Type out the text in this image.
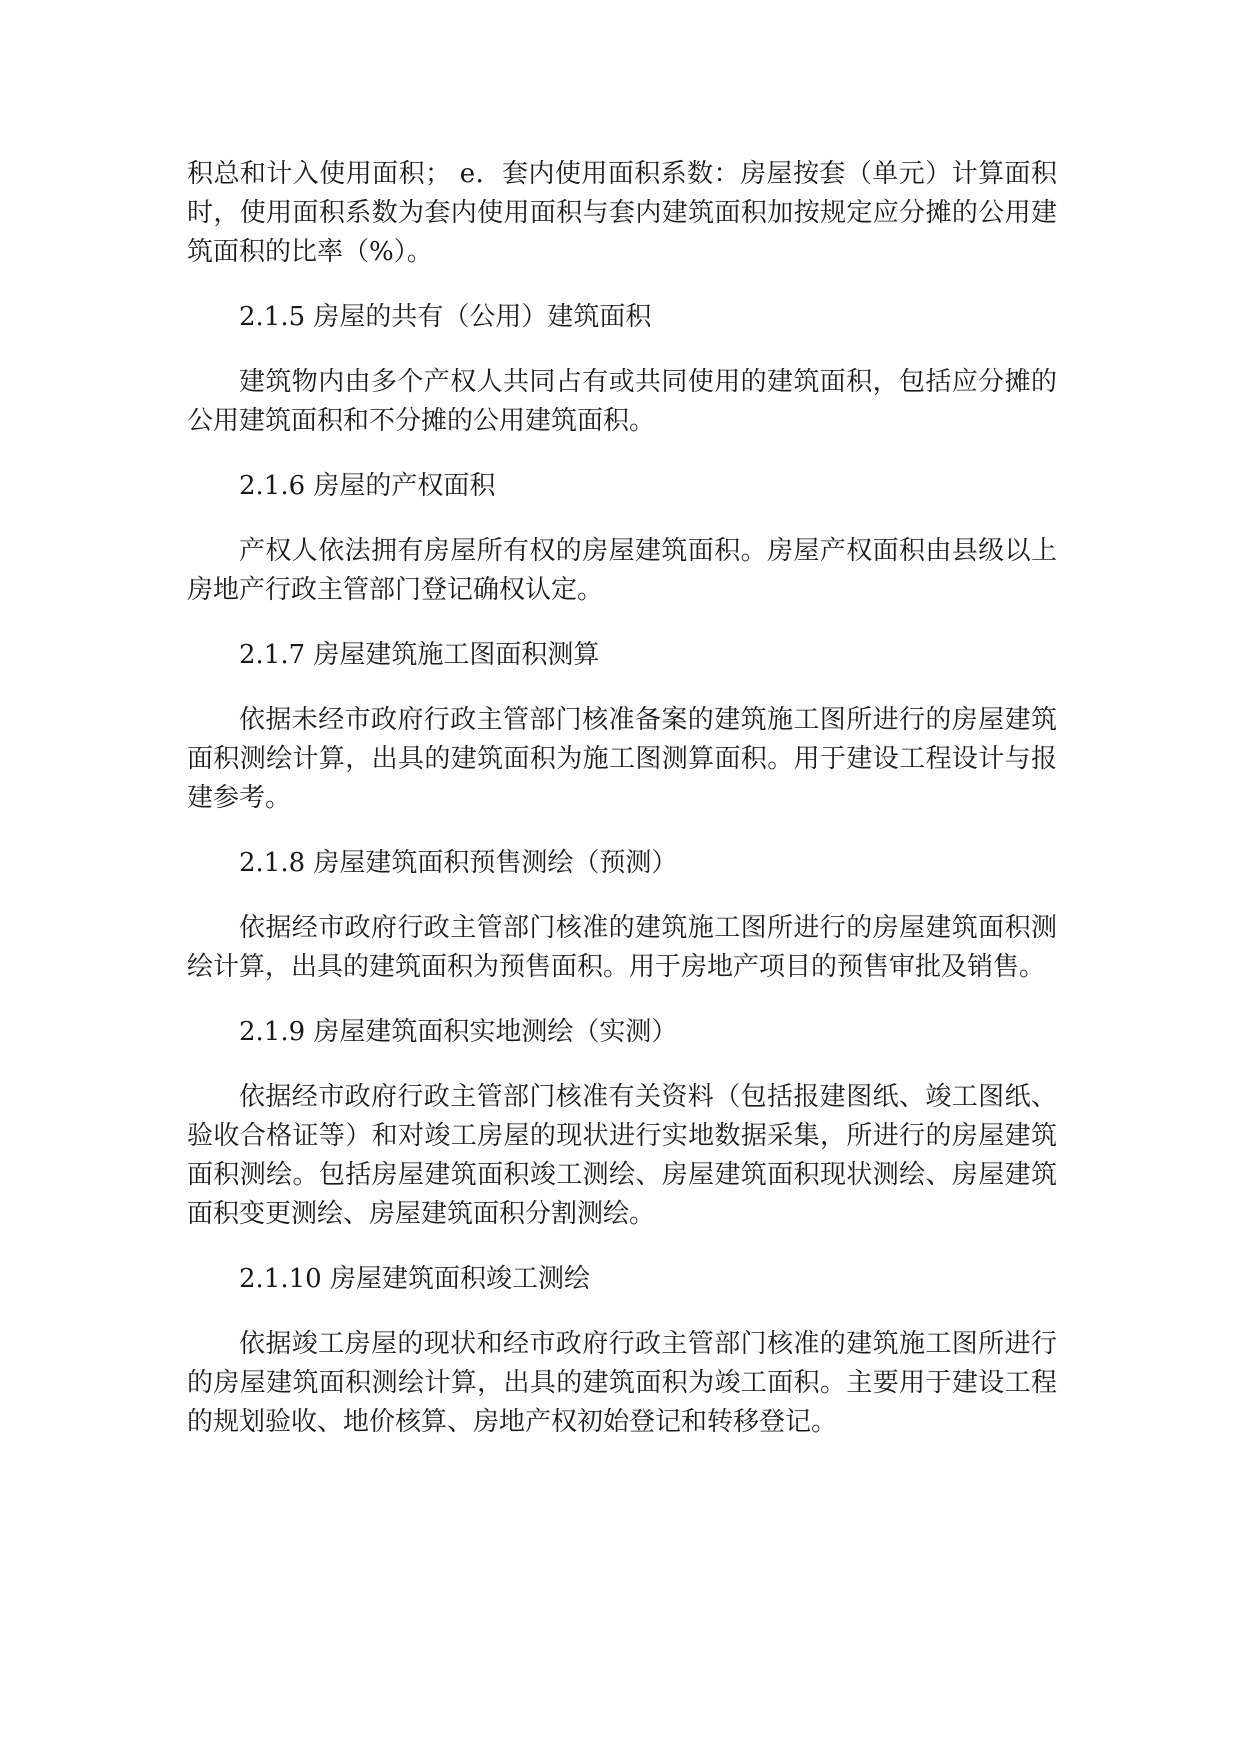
积总和计入使用面积； e．套内使用面积系数：房屋按套（单元）计算面积时，使用面积系数为套内使用面积与套内建筑面积加按规定应分摊的公用建筑面积的比率（%）。

2.1.5 房屋的共有（公用）建筑面积

建筑物内由多个产权人共同占有或共同使用的建筑面积，包括应分摊的公用建筑面积和不分摊的公用建筑面积。

2.1.6 房屋的产权面积

产权人依法拥有房屋所有权的房屋建筑面积。房屋产权面积由县级以上房地产行政主管部门登记确权认定。

2.1.7 房屋建筑施工图面积测算

依据未经市政府行政主管部门核准备案的建筑施工图所进行的房屋建筑面积测绘计算，出具的建筑面积为施工图测算面积。用于建设工程设计与报建参考。

2.1.8 房屋建筑面积预售测绘（预测）

依据经市政府行政主管部门核准的建筑施工图所进行的房屋建筑面积测绘计算，出具的建筑面积为预售面积。用于房地产项目的预售审批及销售。

2.1.9 房屋建筑面积实地测绘（实测）

依据经市政府行政主管部门核准有关资料（包括报建图纸、竣工图纸、验收合格证等）和对竣工房屋的现状进行实地数据采集，所进行的房屋建筑面积测绘。包括房屋建筑面积竣工测绘、房屋建筑面积现状测绘、房屋建筑面积变更测绘、房屋建筑面积分割测绘。

2.1.10 房屋建筑面积竣工测绘

依据竣工房屋的现状和经市政府行政主管部门核准的建筑施工图所进行的房屋建筑面积测绘计算，出具的建筑面积为竣工面积。主要用于建设工程的规划验收、地价核算、房地产权初始登记和转移登记。
